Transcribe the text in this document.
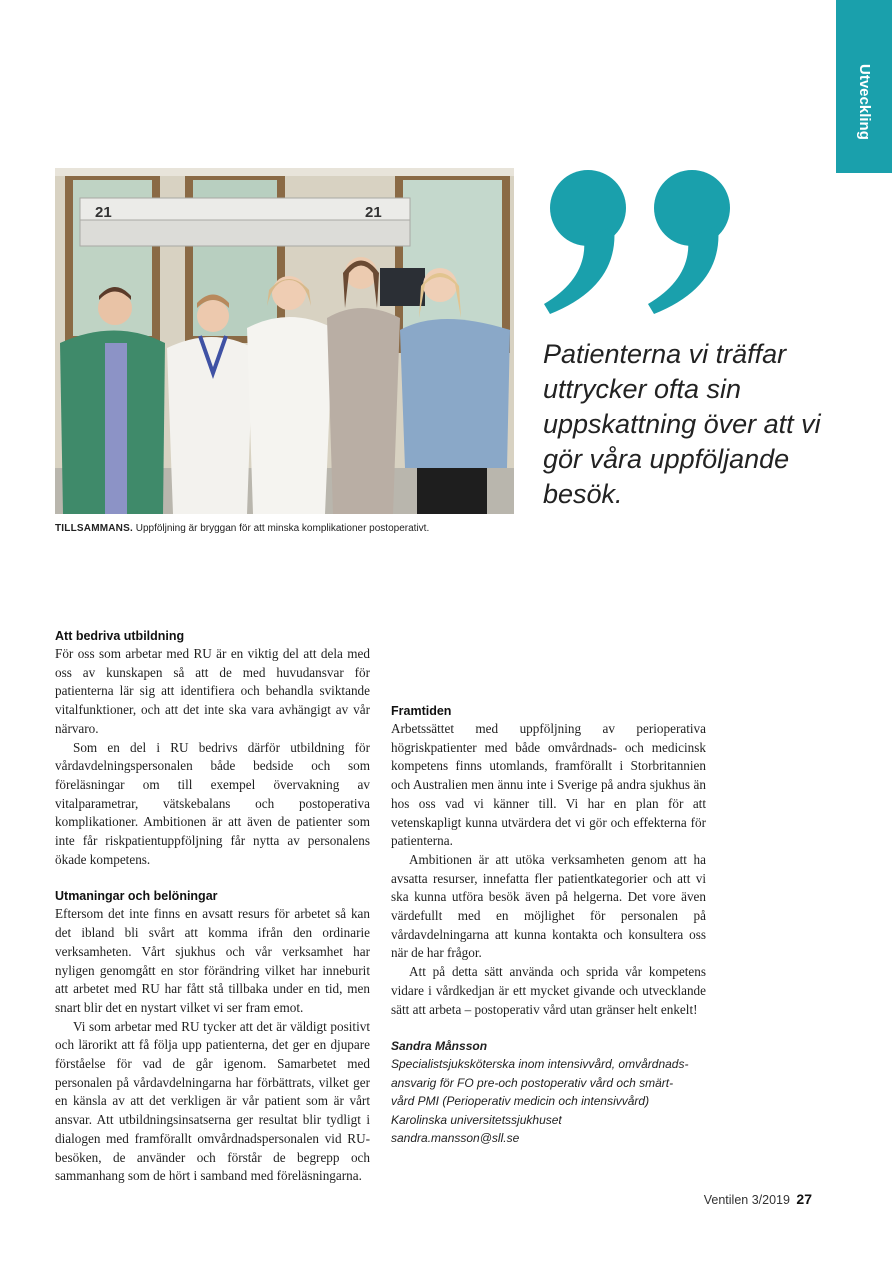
Utveckling
21	21
TILLSAMMANS. Uppföljning är bryggan för att minska komplikationer postoperativt.
Patienterna vi träffar uttrycker ofta sin uppskattning över att vi gör våra uppföljande besök.
Att bedriva utbildning

För oss som arbetar med RU är en viktig del att dela med oss av kunskapen så att de med huvudansvar för patienterna lär sig att identifiera och behandla sviktande vitalfunktioner, och att det inte ska vara avhängigt av vår närvaro.

Som en del i RU bedrivs därför utbildning för vårdavdelningspersonalen både bedside och som föreläsningar om till exempel övervakning av vitalparametrar, vätskebalans och postoperativa komplikationer. Ambitionen är att även de patienter som inte får riskpatientuppföljning får nytta av personalens ökade kompetens.

Utmaningar och belöningar

Eftersom det inte finns en avsatt resurs för arbetet så kan det ibland bli svårt att komma ifrån den ordinarie verksamheten. Vårt sjukhus och vår verksamhet har nyligen genomgått en stor förändring vilket har inneburit att arbetet med RU har fått stå tillbaka under en tid, men snart blir det en nystart vilket vi ser fram emot.

Vi som arbetar med RU tycker att det är väldigt positivt och lärorikt att få följa upp patienterna, det ger en djupare förståelse för vad de går igenom. Samarbetet med personalen på vårdavdelningarna har förbättrats, vilket ger en känsla av att det verkligen är vår patient som är vårt ansvar. Att utbildningsinsatserna ger resultat blir tydligt i dialogen med framförallt omvårdnadspersonalen vid RU-besöken, de använder och förstår de begrepp och sammanhang som de hört i samband med föreläsningarna.

Framtiden

Arbetssättet med uppföljning av perioperativa högriskpatienter med både omvårdnads- och medicinsk kompetens finns utomlands, framförallt i Storbritannien och Australien men ännu inte i Sverige på andra sjukhus än hos oss vad vi känner till. Vi har en plan för att vetenskapligt kunna utvärdera det vi gör och effekterna för patienterna.

Ambitionen är att utöka verksamheten genom att ha avsatta resurser, innefatta fler patientkategorier och att vi ska kunna utföra besök även på helgerna. Det vore även värdefullt med en möjlighet för personalen på vårdavdelningarna att kunna kontakta och konsultera oss när de har frågor.

Att på detta sätt använda och sprida vår kompetens vidare i vårdkedjan är ett mycket givande och utvecklande sätt att arbeta – postoperativ vård utan gränser helt enkelt!

Sandra Månsson
Specialistsjuksköterska inom intensivvård, omvårdnads-
ansvarig för FO pre-och postoperativ vård och smärt-
vård PMI (Perioperativ medicin och intensivvård)
Karolinska universitetssjukhuset
sandra.mansson@sll.se
Ventilen 3/2019 27
